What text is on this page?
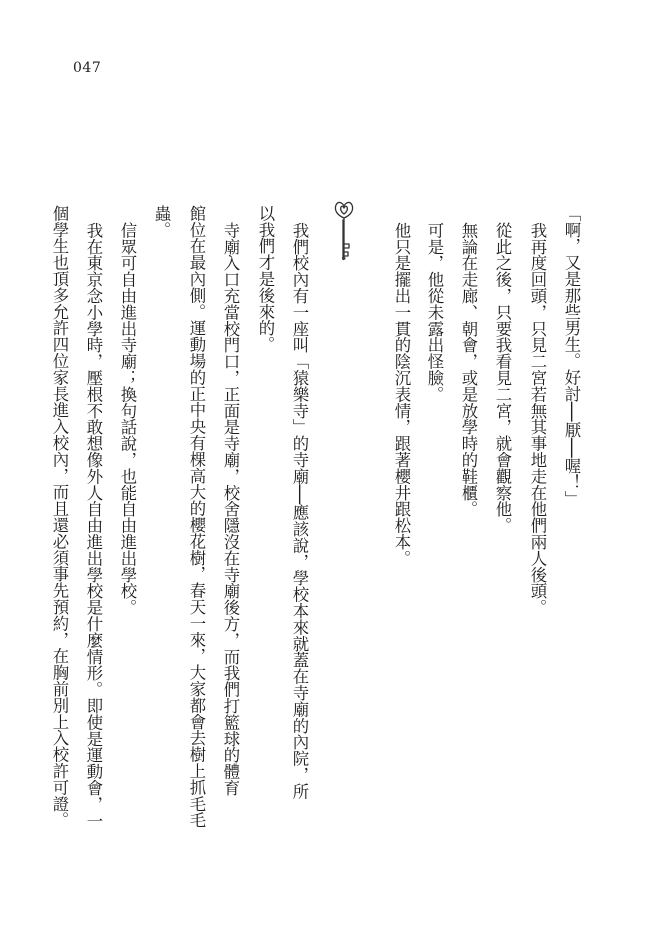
047
「啊，又是那些男生。好討──厭──喔！」
我再度回頭，只見二宮若無其事地走在他們兩人後頭。
從此之後，只要我看見二宮，就會觀察他。
無論在走廊、朝會，或是放學時的鞋櫃。
可是，他從未露出怪臉。
他只是擺出一貫的陰沉表情，跟著櫻井跟松本。
我們校內有一座叫「猿樂寺」的寺廟──應該說，學校本來就蓋在寺廟的內院，所
以我們才是後來的。
寺廟入口充當校門口，正面是寺廟，校舍隱沒在寺廟後方，而我們打籃球的體育
館位在最內側。運動場的正中央有棵高大的櫻花樹，春天一來，大家都會去樹上抓毛毛
蟲。
信眾可自由進出寺廟；換句話說，也能自由進出學校。
我在東京念小學時，壓根不敢想像外人自由進出學校是什麼情形。即使是運動會，一
個學生也頂多允許四位家長進入校內，而且還必須事先預約，在胸前別上入校許可證。
